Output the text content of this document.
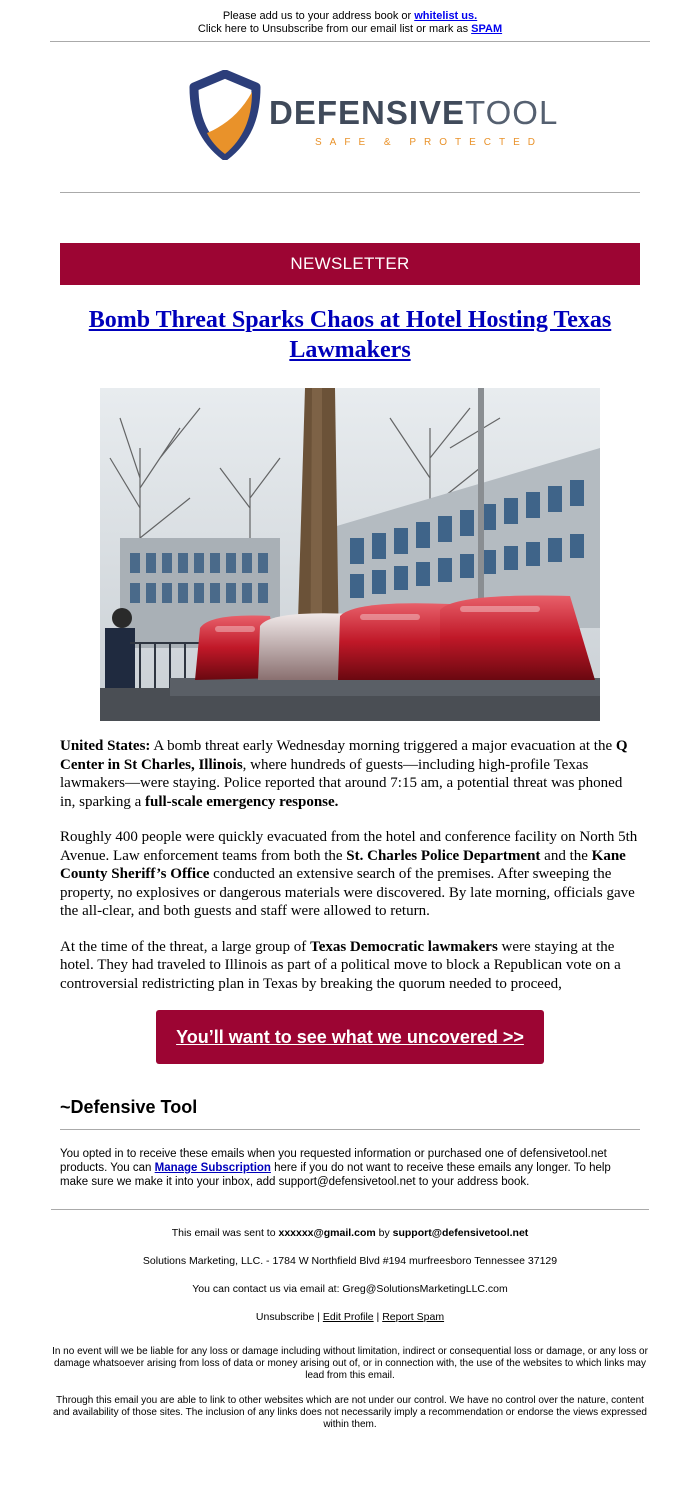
Please add us to your address book or whitelist us.
Click here to Unsubscribe from our email list or mark as SPAM
DEFENSIVETOOL
SAFE & PROTECTED
NEWSLETTER
Bomb Threat Sparks Chaos at Hotel Hosting Texas Lawmakers

United States: A bomb threat early Wednesday morning triggered a major evacuation at the Q Center in St Charles, Illinois, where hundreds of guests—including high-profile Texas lawmakers—were staying. Police reported that around 7:15 am, a potential threat was phoned in, sparking a full-scale emergency response.

Roughly 400 people were quickly evacuated from the hotel and conference facility on North 5th Avenue. Law enforcement teams from both the St. Charles Police Department and the Kane County Sheriff’s Office conducted an extensive search of the premises. After sweeping the property, no explosives or dangerous materials were discovered. By late morning, officials gave the all-clear, and both guests and staff were allowed to return.

At the time of the threat, a large group of Texas Democratic lawmakers were staying at the hotel. They had traveled to Illinois as part of a political move to block a Republican vote on a controversial redistricting plan in Texas by breaking the quorum needed to proceed,

You’ll want to see what we uncovered >>
~Defensive Tool
You opted in to receive these emails when you requested information or purchased one of defensivetool.net products. You can Manage Subscription here if you do not want to receive these emails any longer. To help make sure we make it into your inbox, add support@defensivetool.net to your address book.

This email was sent to xxxxxx@gmail.com by support@defensivetool.net

Solutions Marketing, LLC. - 1784 W Northfield Blvd #194 murfreesboro Tennessee 37129

You can contact us via email at: Greg@SolutionsMarketingLLC.com

Unsubscribe | Edit Profile | Report Spam

In no event will we be liable for any loss or damage including without limitation, indirect or consequential loss or damage, or any loss or damage whatsoever arising from loss of data or money arising out of, or in connection with, the use of the websites to which links may lead from this email.

Through this email you are able to link to other websites which are not under our control. We have no control over the nature, content and availability of those sites. The inclusion of any links does not necessarily imply a recommendation or endorse the views expressed within them.
